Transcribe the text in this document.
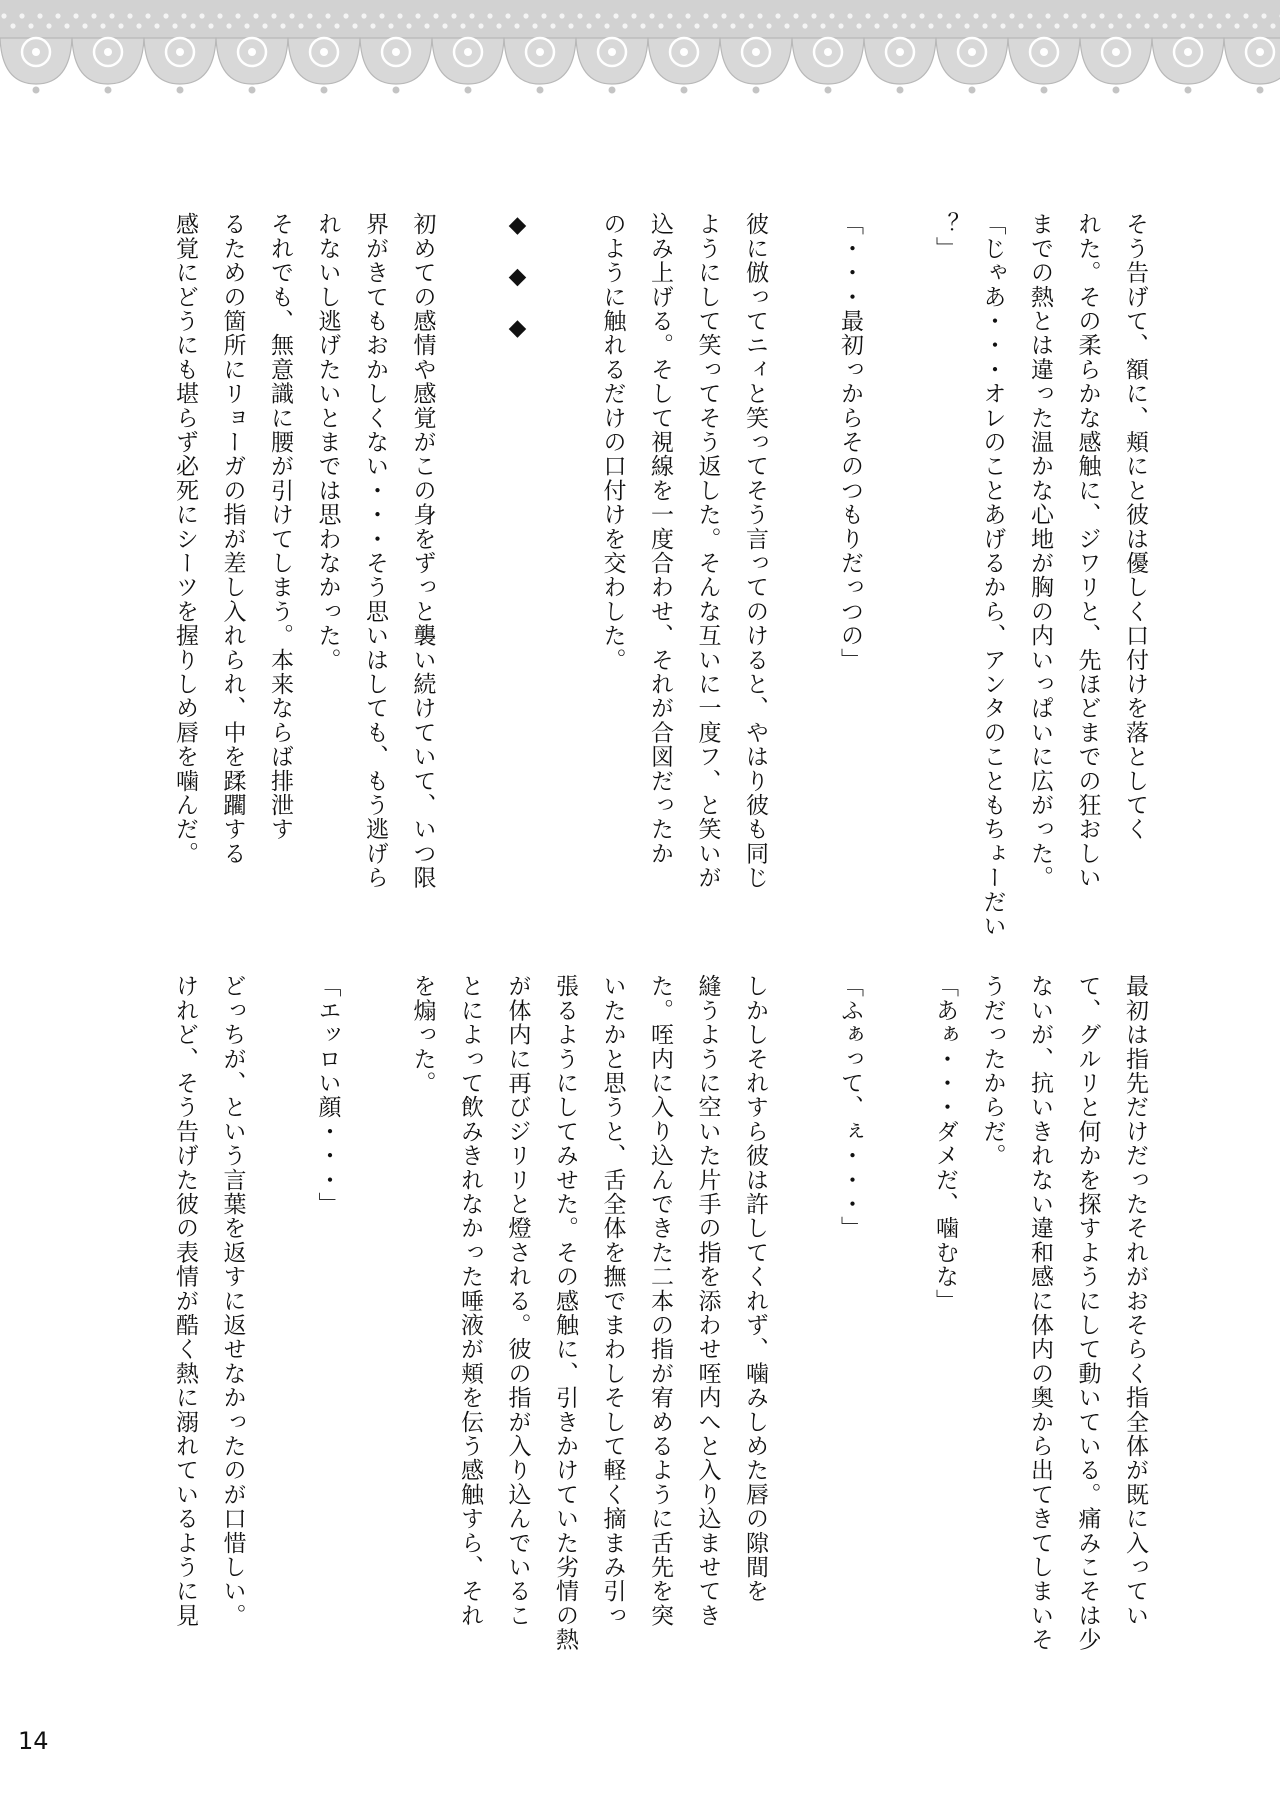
そう告げて、額に、頬にと彼は優しく口付けを落としてく

れた。その柔らかな感触に、ジワリと、先ほどまでの狂おしい

までの熱とは違った温かな心地が胸の内いっぱいに広がった。

「じゃあ・・・オレのことあげるから、アンタのこともちょーだい

？」

「・・・最初っからそのつもりだっつの」

彼に倣ってニィと笑ってそう言ってのけると、やはり彼も同じ

ようにして笑ってそう返した。そんな互いに一度フ、と笑いが

込み上げる。そして視線を一度合わせ、それが合図だったか

のように触れるだけの口付けを交わした。

◆　◆　◆

初めての感情や感覚がこの身をずっと襲い続けていて、いつ限

界がきてもおかしくない・・・そう思いはしても、もう逃げら

れないし逃げたいとまでは思わなかった。

それでも、無意識に腰が引けてしまう。本来ならば排泄す

るための箇所にリョーガの指が差し入れられ、中を蹂躙する

感覚にどうにも堪らず必死にシーツを握りしめ唇を噛んだ。

最初は指先だけだったそれがおそらく指全体が既に入ってい

て、グルリと何かを探すようにして動いている。痛みこそは少

ないが、抗いきれない違和感に体内の奥から出てきてしまいそ

うだったからだ。

「あぁ・・・ダメだ、噛むな」

「ふぁって、ぇ・・・」

しかしそれすら彼は許してくれず、噛みしめた唇の隙間を

縫うように空いた片手の指を添わせ咥内へと入り込ませてき

た。咥内に入り込んできた二本の指が宥めるように舌先を突

いたかと思うと、舌全体を撫でまわしそして軽く摘まみ引っ

張るようにしてみせた。その感触に、引きかけていた劣情の熱

が体内に再びジリリと燈される。彼の指が入り込んでいるこ

とによって飲みきれなかった唾液が頬を伝う感触すら、それ

を煽った。

「エッロい顔・・・」

どっちが、という言葉を返すに返せなかったのが口惜しい。

けれど、そう告げた彼の表情が酷く熱に溺れているように見

14
